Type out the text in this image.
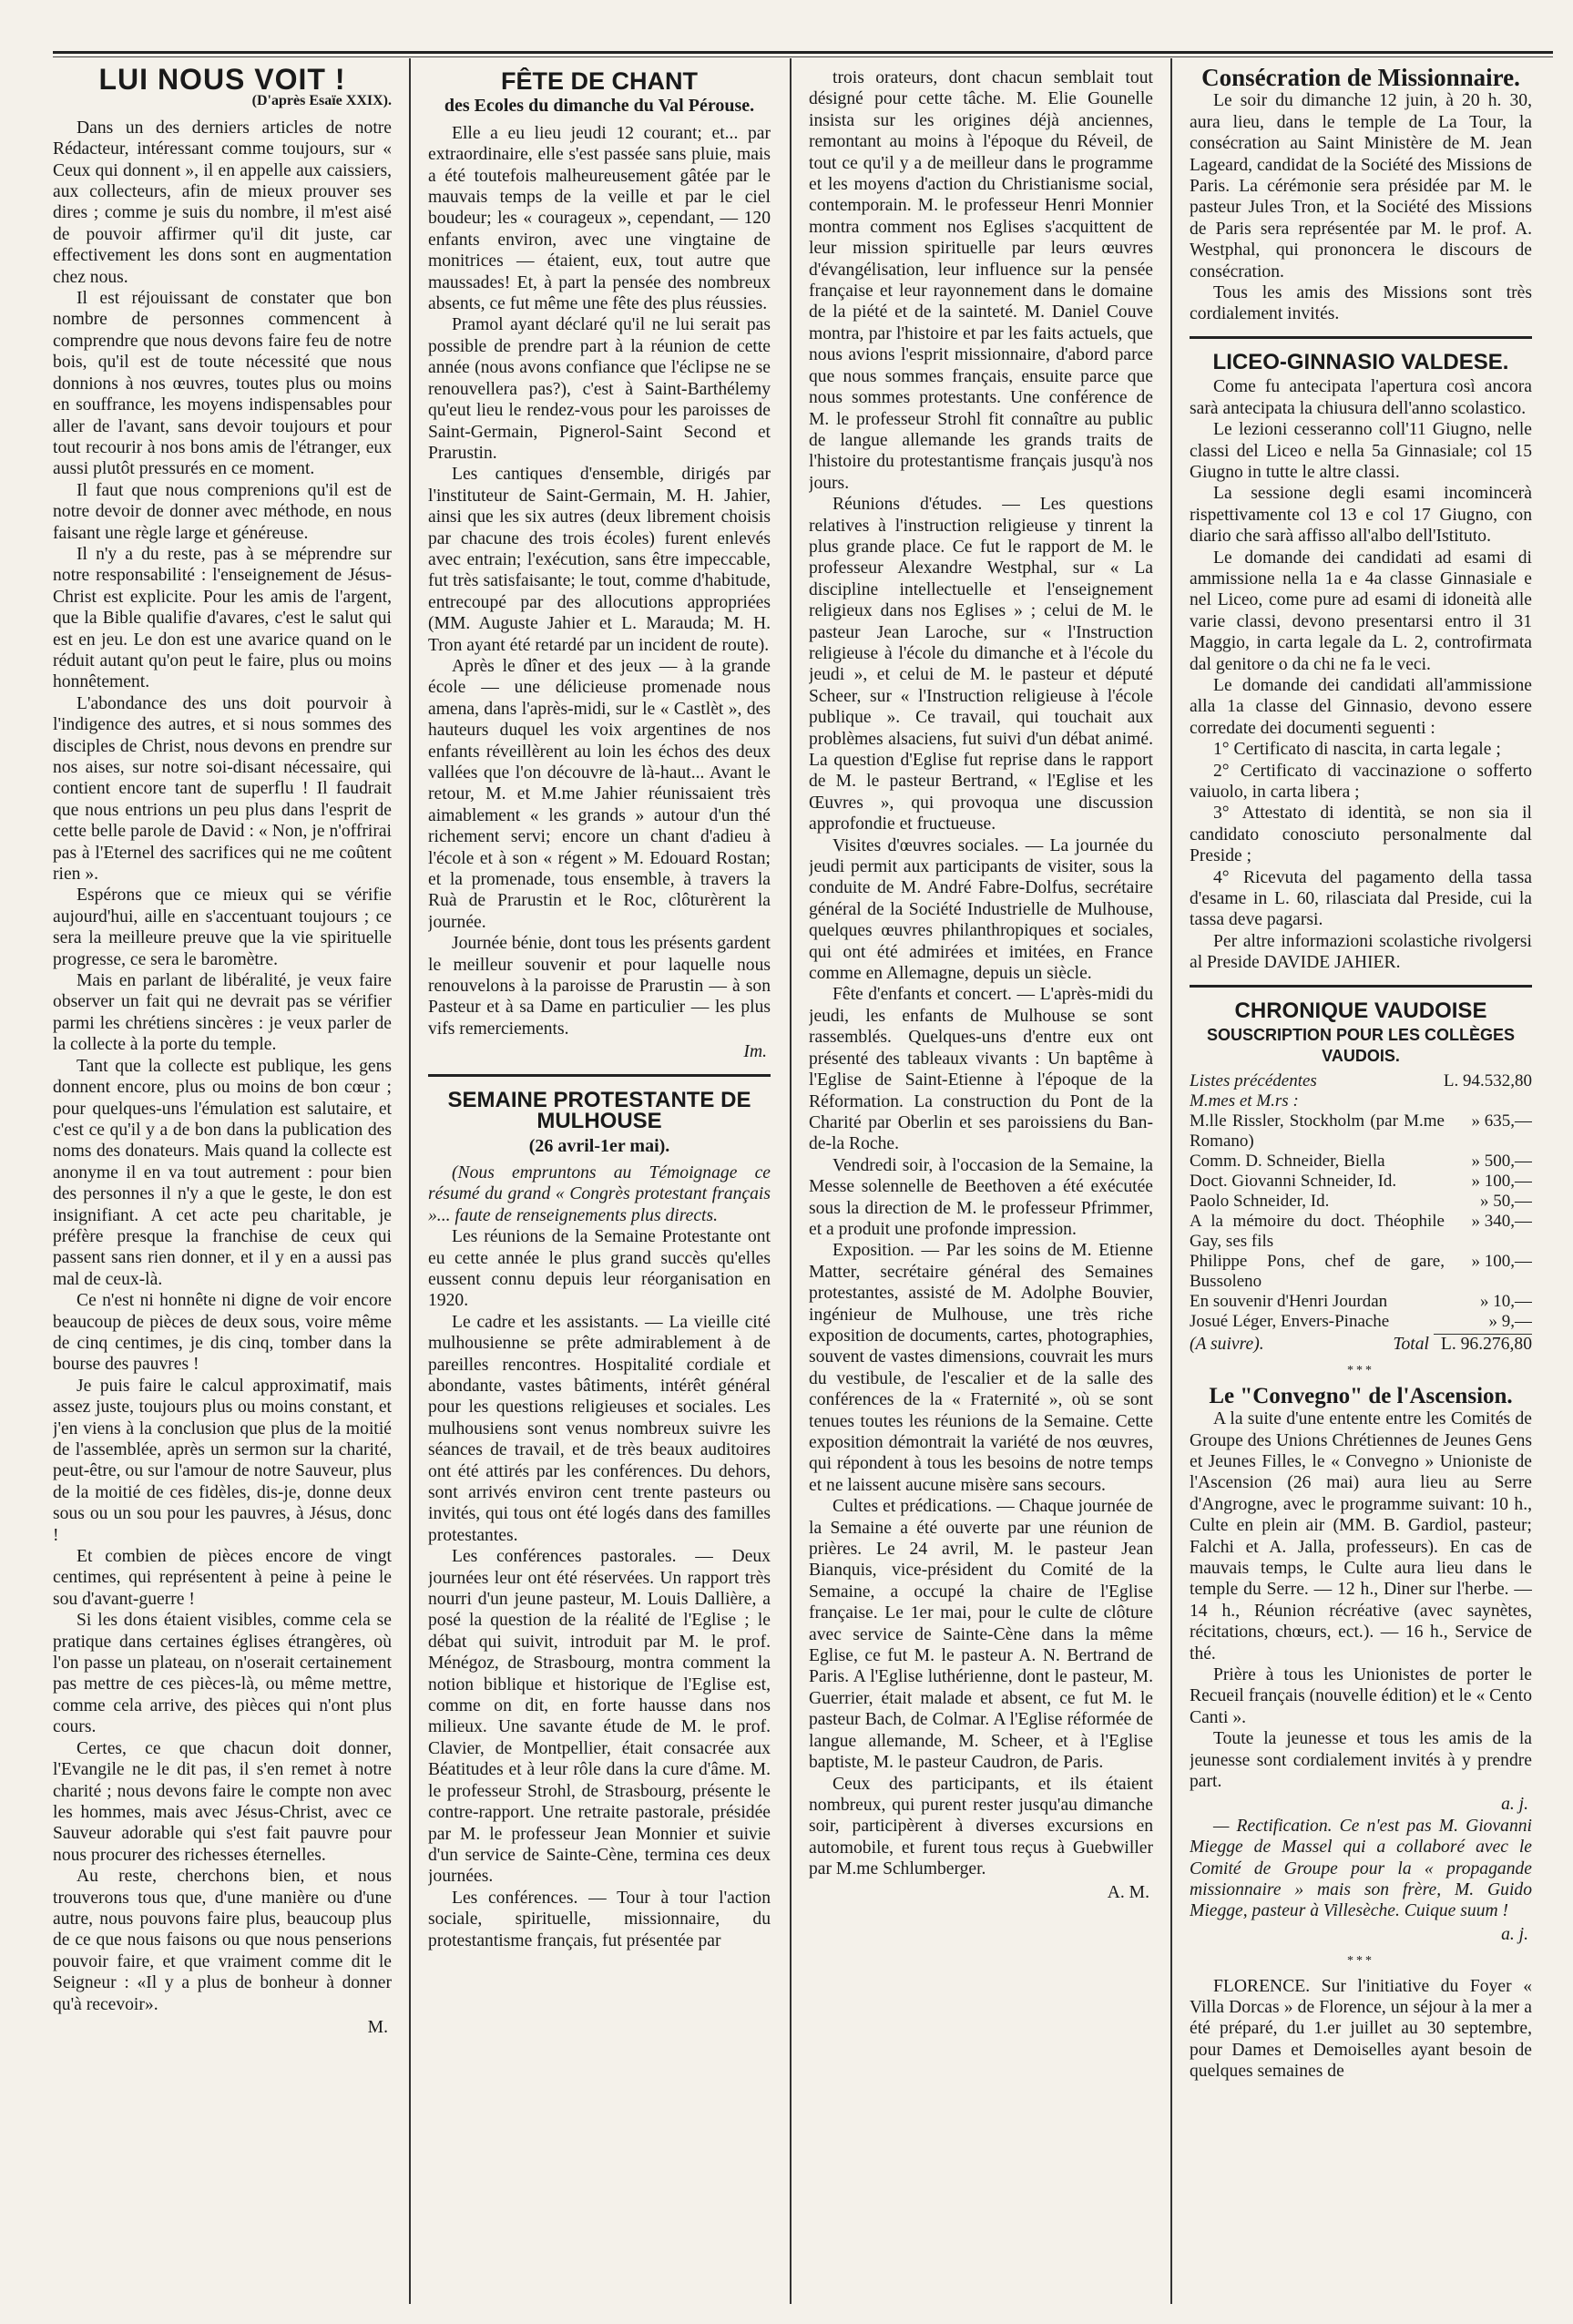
LUI NOUS VOIT !
(D'après Esaïe XXIX).

Dans un des derniers articles de notre Rédacteur, intéressant comme toujours, sur « Ceux qui donnent », il en appelle aux caissiers, aux collecteurs, afin de mieux prouver ses dires ; comme je suis du nombre, il m'est aisé de pouvoir affirmer qu'il dit juste, car effectivement les dons sont en augmentation chez nous.

Il est réjouissant de constater que bon nombre de personnes commencent à comprendre que nous devons faire feu de notre bois, qu'il est de toute nécessité que nous donnions à nos œuvres, toutes plus ou moins en souffrance, les moyens indispensables pour aller de l'avant, sans devoir toujours et pour tout recourir à nos bons amis de l'étranger, eux aussi plutôt pressurés en ce moment.

Il faut que nous comprenions qu'il est de notre devoir de donner avec méthode, en nous faisant une règle large et généreuse.

Il n'y a du reste, pas à se méprendre sur notre responsabilité : l'enseignement de Jésus-Christ est explicite. Pour les amis de l'argent, que la Bible qualifie d'avares, c'est le salut qui est en jeu. Le don est une avarice quand on le réduit autant qu'on peut le faire, plus ou moins honnêtement.

L'abondance des uns doit pourvoir à l'indigence des autres, et si nous sommes des disciples de Christ, nous devons en prendre sur nos aises, sur notre soi-disant nécessaire, qui contient encore tant de superflu ! Il faudrait que nous entrions un peu plus dans l'esprit de cette belle parole de David : « Non, je n'offrirai pas à l'Eternel des sacrifices qui ne me coûtent rien ».

Espérons que ce mieux qui se vérifie aujourd'hui, aille en s'accentuant toujours ; ce sera la meilleure preuve que la vie spirituelle progresse, ce sera le baromètre.

Mais en parlant de libéralité, je veux faire observer un fait qui ne devrait pas se vérifier parmi les chrétiens sincères : je veux parler de la collecte à la porte du temple.

Tant que la collecte est publique, les gens donnent encore, plus ou moins de bon cœur ; pour quelques-uns l'émulation est salutaire, et c'est ce qu'il y a de bon dans la publication des noms des donateurs. Mais quand la collecte est anonyme il en va tout autrement : pour bien des personnes il n'y a que le geste, le don est insignifiant. A cet acte peu charitable, je préfère presque la franchise de ceux qui passent sans rien donner, et il y en a aussi pas mal de ceux-là.

Ce n'est ni honnête ni digne de voir encore beaucoup de pièces de deux sous, voire même de cinq centimes, je dis cinq, tomber dans la bourse des pauvres !

Je puis faire le calcul approximatif, mais assez juste, toujours plus ou moins constant, et j'en viens à la conclusion que plus de la moitié de l'assemblée, après un sermon sur la charité, peut-être, ou sur l'amour de notre Sauveur, plus de la moitié de ces fidèles, dis-je, donne deux sous ou un sou pour les pauvres, à Jésus, donc !

Et combien de pièces encore de vingt centimes, qui représentent à peine à peine le sou d'avant-guerre !

Si les dons étaient visibles, comme cela se pratique dans certaines églises étrangères, où l'on passe un plateau, on n'oserait certainement pas mettre de ces pièces-là, ou même mettre, comme cela arrive, des pièces qui n'ont plus cours.

Certes, ce que chacun doit donner, l'Evangile ne le dit pas, il s'en remet à notre charité ; nous devons faire le compte non avec les hommes, mais avec Jésus-Christ, avec ce Sauveur adorable qui s'est fait pauvre pour nous procurer des richesses éternelles.

Au reste, cherchons bien, et nous trouverons tous que, d'une manière ou d'une autre, nous pouvons faire plus, beaucoup plus de ce que nous faisons ou que nous penserions pouvoir faire, et que vraiment comme dit le Seigneur : «Il y a plus de bonheur à donner qu'à recevoir».

M.
FÊTE DE CHANT
des Ecoles du dimanche du Val Pérouse.

Elle a eu lieu jeudi 12 courant; et... par extraordinaire, elle s'est passée sans pluie, mais a été toutefois malheureusement gâtée par le mauvais temps de la veille et par le ciel boudeur; les « courageux », cependant, — 120 enfants environ, avec une vingtaine de monitrices — étaient, eux, tout autre que maussades! Et, à part la pensée des nombreux absents, ce fut même une fête des plus réussies.

Pramol ayant déclaré qu'il ne lui serait pas possible de prendre part à la réunion de cette année (nous avons confiance que l'éclipse ne se renouvellera pas?), c'est à Saint-Barthélemy qu'eut lieu le rendez-vous pour les paroisses de Saint-Germain, Pignerol-Saint Second et Prarustin.

Les cantiques d'ensemble, dirigés par l'instituteur de Saint-Germain, M. H. Jahier, ainsi que les six autres (deux librement choisis par chacune des trois écoles) furent enlevés avec entrain; l'exécution, sans être impeccable, fut très satisfaisante; le tout, comme d'habitude, entrecoupé par des allocutions appropriées (MM. Auguste Jahier et L. Marauda; M. H. Tron ayant été retardé par un incident de route).

Après le dîner et des jeux — à la grande école — une délicieuse promenade nous amena, dans l'après-midi, sur le « Castlèt », des hauteurs duquel les voix argentines de nos enfants réveillèrent au loin les échos des deux vallées que l'on découvre de là-haut... Avant le retour, M. et M.me Jahier réunissaient très aimablement « les grands » autour d'un thé richement servi; encore un chant d'adieu à l'école et à son « régent » M. Edouard Rostan; et la promenade, tous ensemble, à travers la Ruà de Prarustin et le Roc, clôturèrent la journée.

Journée bénie, dont tous les présents gardent le meilleur souvenir et pour laquelle nous renouvelons à la paroisse de Prarustin — à son Pasteur et à sa Dame en particulier — les plus vifs remerciements.

Im.
SEMAINE PROTESTANTE DE MULHOUSE
(26 avril-1er mai).

(Nous empruntons au Témoignage ce résumé du grand « Congrès protestant français »... faute de renseignements plus directs.

Les réunions de la Semaine Protestante ont eu cette année le plus grand succès qu'elles eussent connu depuis leur réorganisation en 1920.

Le cadre et les assistants. — La vieille cité mulhousienne se prête admirablement à de pareilles rencontres. Hospitalité cordiale et abondante, vastes bâtiments, intérêt général pour les questions religieuses et sociales. Les mulhousiens sont venus nombreux suivre les séances de travail, et de très beaux auditoires ont été attirés par les conférences. Du dehors, sont arrivés environ cent trente pasteurs ou invités, qui tous ont été logés dans des familles protestantes.

Les conférences pastorales. — Deux journées leur ont été réservées. Un rapport très nourri d'un jeune pasteur, M. Louis Dallière, a posé la question de la réalité de l'Eglise ; le débat qui suivit, introduit par M. le prof. Ménégoz, de Strasbourg, montra comment la notion biblique et historique de l'Eglise est, comme on dit, en forte hausse dans nos milieux. Une savante étude de M. le prof. Clavier, de Montpellier, était consacrée aux Béatitudes et à leur rôle dans la cure d'âme. M. le professeur Strohl, de Strasbourg, présente le contre-rapport. Une retraite pastorale, présidée par M. le professeur Jean Monnier et suivie d'un service de Sainte-Cène, termina ces deux journées.

Les conférences. — Tour à tour l'action sociale, spirituelle, missionnaire, du protestantisme français, fut présentée par

trois orateurs, dont chacun semblait tout désigné pour cette tâche. M. Elie Gounelle insista sur les origines déjà anciennes, remontant au moins à l'époque du Réveil, de tout ce qu'il y a de meilleur dans le programme et les moyens d'action du Christianisme social, contemporain. M. le professeur Henri Monnier montra comment nos Eglises s'acquittent de leur mission spirituelle par leurs œuvres d'évangélisation, leur influence sur la pensée française et leur rayonnement dans le domaine de la piété et de la sainteté. M. Daniel Couve montra, par l'histoire et par les faits actuels, que nous avions l'esprit missionnaire, d'abord parce que nous sommes français, ensuite parce que nous sommes protestants. Une conférence de M. le professeur Strohl fit connaître au public de langue allemande les grands traits de l'histoire du protestantisme français jusqu'à nos jours.

Réunions d'études. — Les questions relatives à l'instruction religieuse y tinrent la plus grande place. Ce fut le rapport de M. le professeur Alexandre Westphal, sur « La discipline intellectuelle et l'enseignement religieux dans nos Eglises » ; celui de M. le pasteur Jean Laroche, sur « l'Instruction religieuse à l'école du dimanche et à l'école du jeudi », et celui de M. le pasteur et député Scheer, sur « l'Instruction religieuse à l'école publique ». Ce travail, qui touchait aux problèmes alsaciens, fut suivi d'un débat animé. La question d'Eglise fut reprise dans le rapport de M. le pasteur Bertrand, « l'Eglise et les Œuvres », qui provoqua une discussion approfondie et fructueuse.

Visites d'œuvres sociales. — La journée du jeudi permit aux participants de visiter, sous la conduite de M. André Fabre-Dolfus, secrétaire général de la Société Industrielle de Mulhouse, quelques œuvres philanthropiques et sociales, qui ont été admirées et imitées, en France comme en Allemagne, depuis un siècle.

Fête d'enfants et concert. — L'après-midi du jeudi, les enfants de Mulhouse se sont rassemblés. Quelques-uns d'entre eux ont présenté des tableaux vivants : Un baptême à l'Eglise de Saint-Etienne à l'époque de la Réformation. La construction du Pont de la Charité par Oberlin et ses paroissiens du Ban-de-la Roche.

Vendredi soir, à l'occasion de la Semaine, la Messe solennelle de Beethoven a été exécutée sous la direction de M. le professeur Pfrimmer, et a produit une profonde impression.

Exposition. — Par les soins de M. Etienne Matter, secrétaire général des Semaines protestantes, assisté de M. Adolphe Bouvier, ingénieur de Mulhouse, une très riche exposition de documents, cartes, photographies, souvent de vastes dimensions, couvrait les murs du vestibule, de l'escalier et de la salle des conférences de la « Fraternité », où se sont tenues toutes les réunions de la Semaine. Cette exposition démontrait la variété de nos œuvres, qui répondent à tous les besoins de notre temps et ne laissent aucune misère sans secours.

Cultes et prédications. — Chaque journée de la Semaine a été ouverte par une réunion de prières. Le 24 avril, M. le pasteur Jean Bianquis, vice-président du Comité de la Semaine, a occupé la chaire de l'Eglise française. Le 1er mai, pour le culte de clôture avec service de Sainte-Cène dans la même Eglise, ce fut M. le pasteur A. N. Bertrand de Paris. A l'Eglise luthérienne, dont le pasteur, M. Guerrier, était malade et absent, ce fut M. le pasteur Bach, de Colmar. A l'Eglise réformée de langue allemande, M. Scheer, et à l'Eglise baptiste, M. le pasteur Caudron, de Paris.

Ceux des participants, et ils étaient nombreux, qui purent rester jusqu'au dimanche soir, participèrent à diverses excursions en automobile, et furent tous reçus à Guebwiller par M.me Schlumberger.

A. M.
Consécration de Missionnaire.

Le soir du dimanche 12 juin, à 20 h. 30, aura lieu, dans le temple de La Tour, la consécration au Saint Ministère de M. Jean Lageard, candidat de la Société des Missions de Paris. La cérémonie sera présidée par M. le pasteur Jules Tron, et la Société des Missions de Paris sera représentée par M. le prof. A. Westphal, qui prononcera le discours de consécration.

Tous les amis des Missions sont très cordialement invités.

LICEO-GINNASIO VALDESE.

Come fu antecipata l'apertura così ancora sarà antecipata la chiusura dell'anno scolastico.

Le lezioni cesseranno coll'11 Giugno, nelle classi del Liceo e nella 5a Ginnasiale; col 15 Giugno in tutte le altre classi.

La sessione degli esami incomincerà rispettivamente col 13 e col 17 Giugno, con diario che sarà affisso all'albo dell'Istituto.

Le domande dei candidati ad esami di ammissione nella 1a e 4a classe Ginnasiale e nel Liceo, come pure ad esami di idoneità alle varie classi, devono presentarsi entro il 31 Maggio, in carta legale da L. 2, controfirmata dal genitore o da chi ne fa le veci.

Le domande dei candidati all'ammissione alla 1a classe del Ginnasio, devono essere corredate dei documenti seguenti :

1° Certificato di nascita, in carta legale ;

2° Certificato di vaccinazione o sofferto vaiuolo, in carta libera ;

3° Attestato di identità, se non sia il candidato conosciuto personalmente dal Preside ;

4° Ricevuta del pagamento della tassa d'esame in L. 60, rilasciata dal Preside, cui la tassa deve pagarsi.

Per altre informazioni scolastiche rivolgersi al Preside DAVIDE JAHIER.

CHRONIQUE VAUDOISE
SOUSCRIPTION POUR LES COLLÈGES VAUDOIS.
Listes précédentes	L. 94.532,80
M.mes et M.rs :
M.lle Rissler, Stockholm (par M.me Romano)
» 635,—
Comm. D. Schneider, Biella	» 500,—
Doct. Giovanni Schneider, Id.	» 100,—
Paolo Schneider, Id.	» 50,—
A la mémoire du doct. Théophile Gay, ses fils
» 340,—
Philippe Pons, chef de gare, Bussoleno
» 100,—
En souvenir d'Henri Jourdan	» 10,—
Josué Léger, Envers-Pinache	» 9,—
(A suivre).	Total L. 96.276,80
***
Le "Convegno" de l'Ascension.

A la suite d'une entente entre les Comités de Groupe des Unions Chrétiennes de Jeunes Gens et Jeunes Filles, le « Convegno » Unioniste de l'Ascension (26 mai) aura lieu au Serre d'Angrogne, avec le programme suivant: 10 h., Culte en plein air (MM. B. Gardiol, pasteur; Falchi et A. Jalla, professeurs). En cas de mauvais temps, le Culte aura lieu dans le temple du Serre. — 12 h., Diner sur l'herbe. — 14 h., Réunion récréative (avec saynètes, récitations, chœurs, ect.). — 16 h., Service de thé.

Prière à tous les Unionistes de porter le Recueil français (nouvelle édition) et le « Cento Canti ».

Toute la jeunesse et tous les amis de la jeunesse sont cordialement invités à y prendre part.

a. j.

— Rectification. Ce n'est pas M. Giovanni Miegge de Massel qui a collaboré avec le Comité de Groupe pour la « propagande missionnaire » mais son frère, M. Guido Miegge, pasteur à Villesèche. Cuique suum !

a. j.
***

FLORENCE. Sur l'initiative du Foyer « Villa Dorcas » de Florence, un séjour à la mer a été préparé, du 1.er juillet au 30 septembre, pour Dames et Demoiselles ayant besoin de quelques semaines de
